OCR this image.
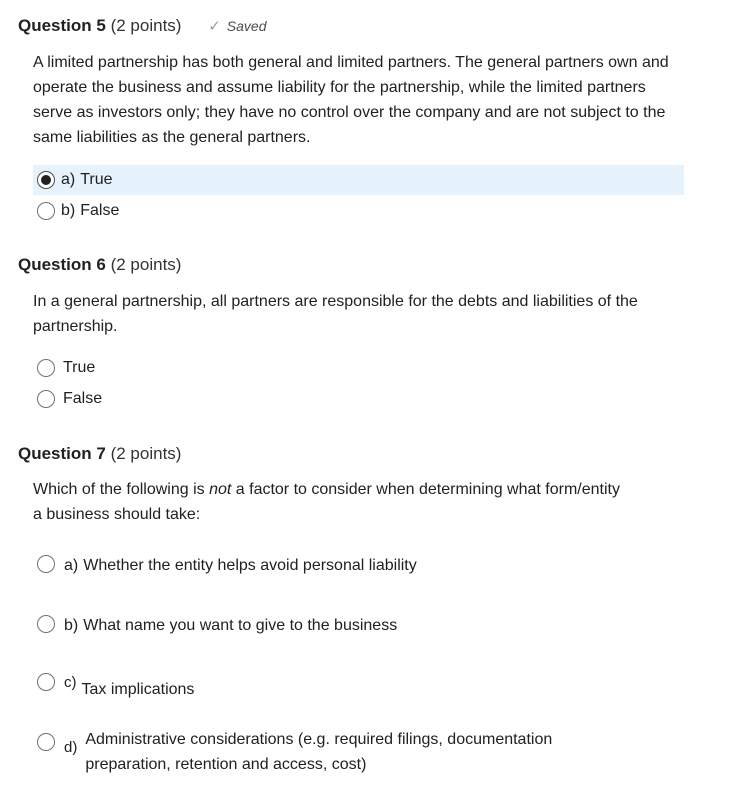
Question 5 (2 points) ✓ Saved
A limited partnership has both general and limited partners. The general partners own and operate the business and assume liability for the partnership, while the limited partners serve as investors only; they have no control over the company and are not subject to the same liabilities as the general partners.
a) True
b) False
Question 6 (2 points)
In a general partnership, all partners are responsible for the debts and liabilities of the partnership.
True
False
Question 7 (2 points)
Which of the following is not a factor to consider when determining what form/entity a business should take:
a) Whether the entity helps avoid personal liability
b) What name you want to give to the business
c) Tax implications
d) Administrative considerations (e.g. required filings, documentation preparation, retention and access, cost)
